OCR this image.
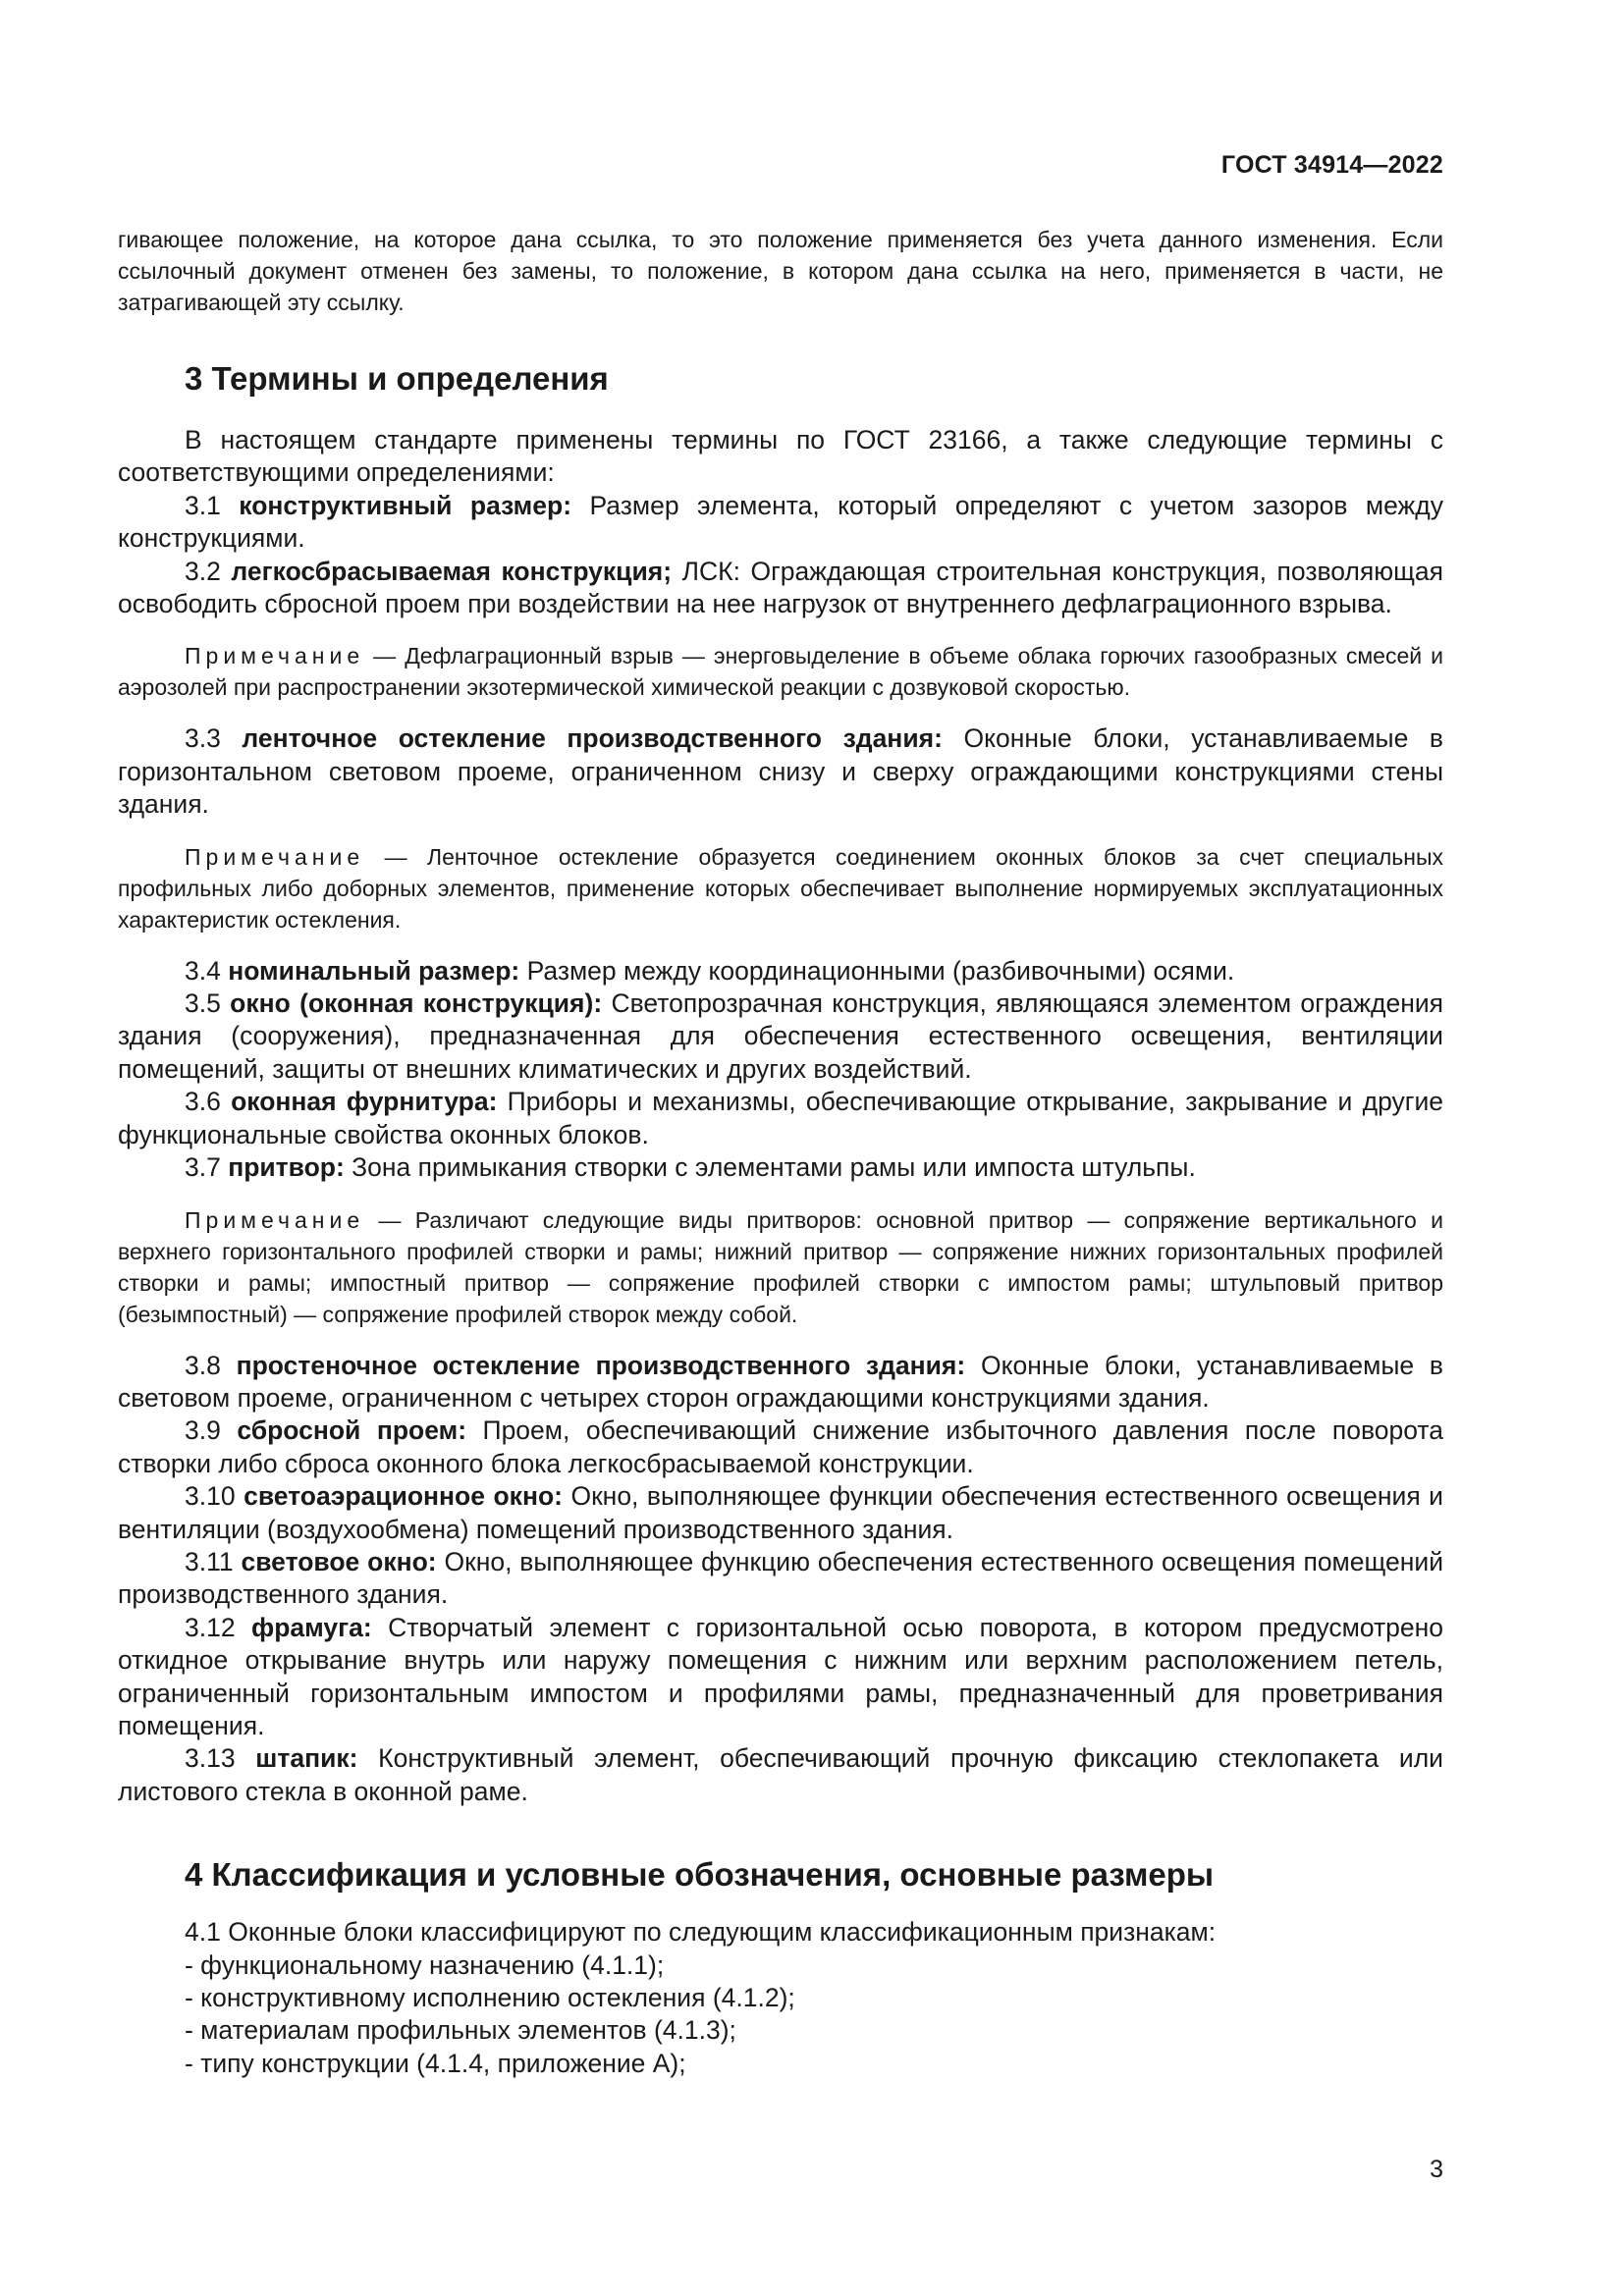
ГОСТ 34914—2022

гивающее положение, на которое дана ссылка, то это положение применяется без учета данного изменения. Если ссылочный документ отменен без замены, то положение, в котором дана ссылка на него, применяется в части, не затрагивающей эту ссылку.

3 Термины и определения

В настоящем стандарте применены термины по ГОСТ 23166, а также следующие термины с соответствующими определениями:

3.1 конструктивный размер: Размер элемента, который определяют с учетом зазоров между конструкциями.

3.2 легкосбрасываемая конструкция; ЛСК: Ограждающая строительная конструкция, позволяющая освободить сбросной проем при воздействии на нее нагрузок от внутреннего дефлаграционного взрыва.

Примечание — Дефлаграционный взрыв — энерговыделение в объеме облака горючих газообразных смесей и аэрозолей при распространении экзотермической химической реакции с дозвуковой скоростью.

3.3 ленточное остекление производственного здания: Оконные блоки, устанавливаемые в горизонтальном световом проеме, ограниченном снизу и сверху ограждающими конструкциями стены здания.

Примечание — Ленточное остекление образуется соединением оконных блоков за счет специальных профильных либо доборных элементов, применение которых обеспечивает выполнение нормируемых эксплуатационных характеристик остекления.

3.4 номинальный размер: Размер между координационными (разбивочными) осями.

3.5 окно (оконная конструкция): Светопрозрачная конструкция, являющаяся элементом ограждения здания (сооружения), предназначенная для обеспечения естественного освещения, вентиляции помещений, защиты от внешних климатических и других воздействий.

3.6 оконная фурнитура: Приборы и механизмы, обеспечивающие открывание, закрывание и другие функциональные свойства оконных блоков.

3.7 притвор: Зона примыкания створки с элементами рамы или импоста штульпы.

Примечание — Различают следующие виды притворов: основной притвор — сопряжение вертикального и верхнего горизонтального профилей створки и рамы; нижний притвор — сопряжение нижних горизонтальных профилей створки и рамы; импостный притвор — сопряжение профилей створки с импостом рамы; штульповый притвор (безымпостный) — сопряжение профилей створок между собой.

3.8 простеночное остекление производственного здания: Оконные блоки, устанавливаемые в световом проеме, ограниченном с четырех сторон ограждающими конструкциями здания.

3.9 сбросной проем: Проем, обеспечивающий снижение избыточного давления после поворота створки либо сброса оконного блока легкосбрасываемой конструкции.

3.10 светоаэрационное окно: Окно, выполняющее функции обеспечения естественного освещения и вентиляции (воздухообмена) помещений производственного здания.

3.11 световое окно: Окно, выполняющее функцию обеспечения естественного освещения помещений производственного здания.

3.12 фрамуга: Створчатый элемент с горизонтальной осью поворота, в котором предусмотрено откидное открывание внутрь или наружу помещения с нижним или верхним расположением петель, ограниченный горизонтальным импостом и профилями рамы, предназначенный для проветривания помещения.

3.13 штапик: Конструктивный элемент, обеспечивающий прочную фиксацию стеклопакета или листового стекла в оконной раме.

4 Классификация и условные обозначения, основные размеры

4.1 Оконные блоки классифицируют по следующим классификационным признакам:

- функциональному назначению (4.1.1);
- конструктивному исполнению остекления (4.1.2);
- материалам профильных элементов (4.1.3);
- типу конструкции (4.1.4, приложение А);
3
